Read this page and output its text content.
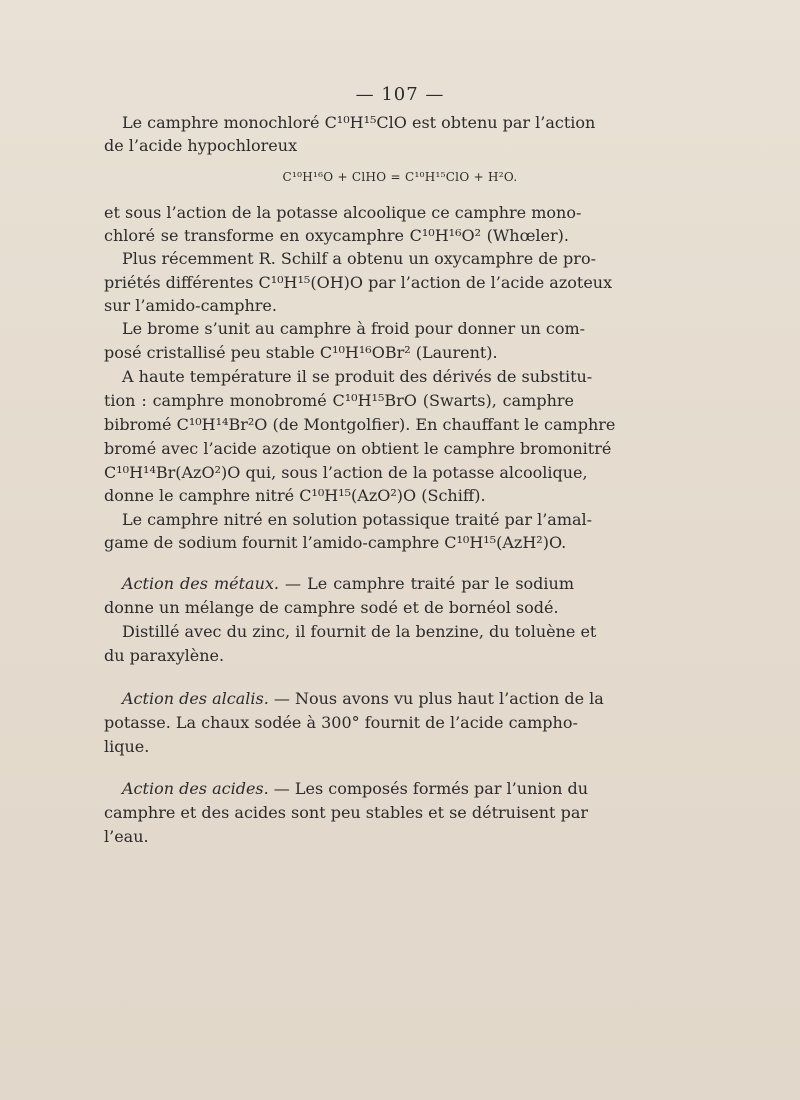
— 107 —
Le camphre monochloré C¹⁰H¹⁵ClO est obtenu par l’action
de l’acide hypochloreux
C¹⁰H¹⁶O + ClHO = C¹⁰H¹⁵ClO + H²O.
et sous l’action de la potasse alcoolique ce camphre mono-
chloré se transforme en oxycamphre C¹⁰H¹⁶O² (Whœler).
Plus récemment R. Schilf a obtenu un oxycamphre de pro-
priétés différentes C¹⁰H¹⁵(OH)O par l’action de l’acide azoteux
sur l’amido-camphre.
Le brome s’unit au camphre à froid pour donner un com-
posé cristallisé peu stable C¹⁰H¹⁶OBr² (Laurent).
A haute température il se produit des dérivés de substitu-
tion : camphre monobromé C¹⁰H¹⁵BrO (Swarts), camphre
bibromé C¹⁰H¹⁴Br²O (de Montgolfier). En chauffant le camphre
bromé avec l’acide azotique on obtient le camphre bromonitré
C¹⁰H¹⁴Br(AzO²)O qui, sous l’action de la potasse alcoolique,
donne le camphre nitré C¹⁰H¹⁵(AzO²)O (Schiff).
Le camphre nitré en solution potassique traité par l’amal-
game de sodium fournit l’amido-camphre C¹⁰H¹⁵(AzH²)O.
Action des métaux. — Le camphre traité par le sodium
donne un mélange de camphre sodé et de bornéol sodé.
Distillé avec du zinc, il fournit de la benzine, du toluène et
du paraxylène.
Action des alcalis. — Nous avons vu plus haut l’action de la
potasse. La chaux sodée à 300° fournit de l’acide campho-
lique.
Action des acides. — Les composés formés par l’union du
camphre et des acides sont peu stables et se détruisent par
l’eau.
